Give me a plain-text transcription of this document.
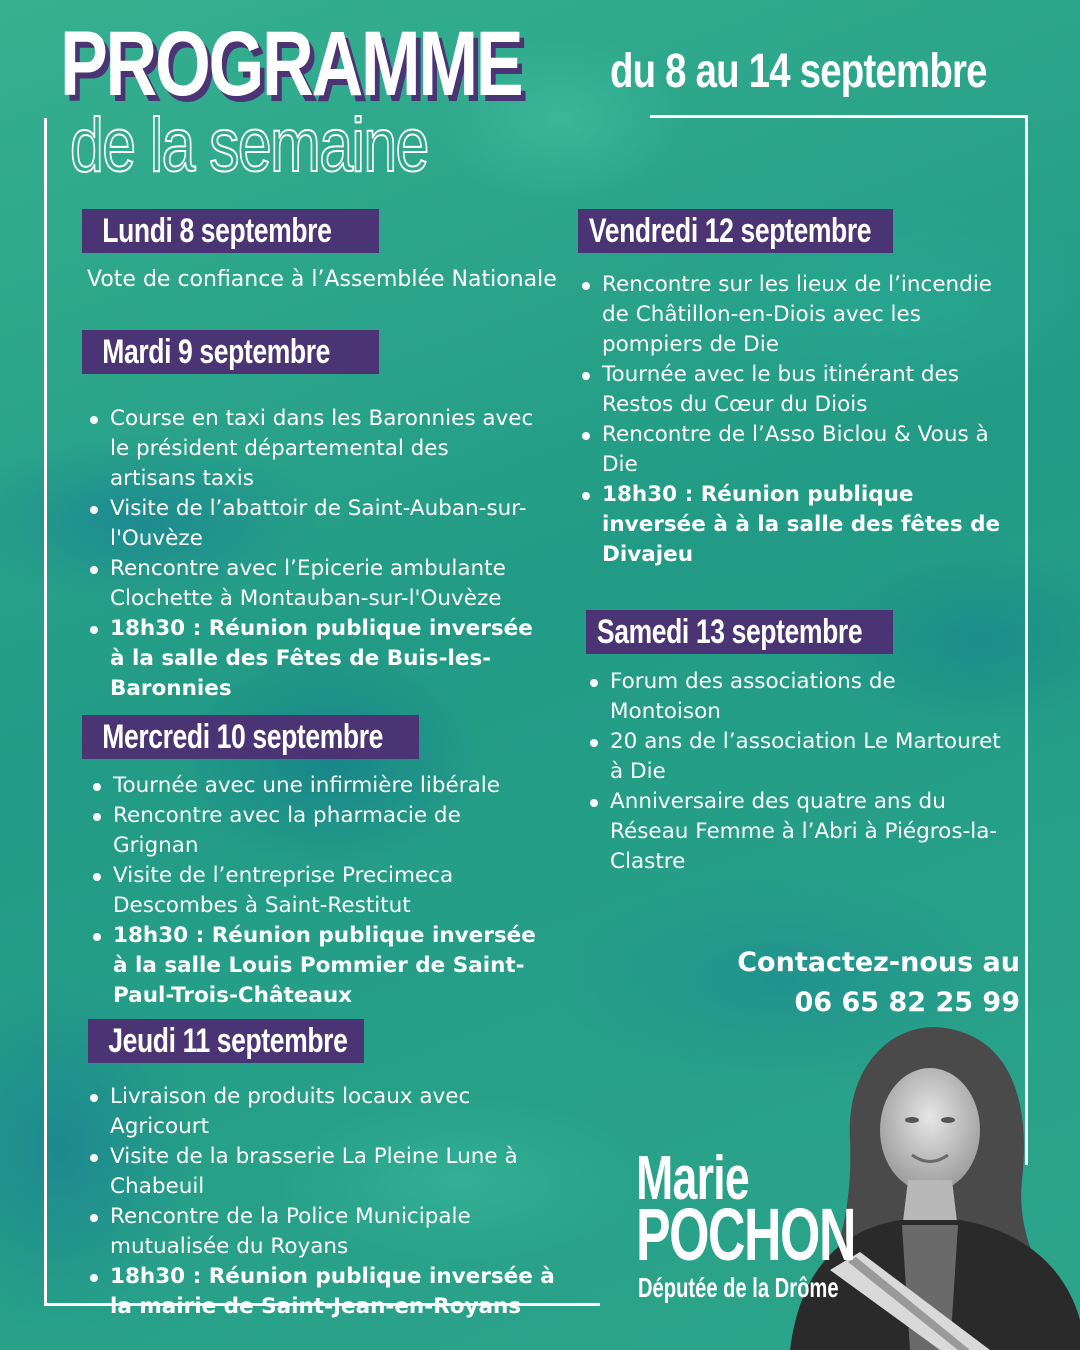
PROGRAMME
de la semaine
du 8 au 14 septembre
Lundi 8 septembre
Vote de confiance à l’Assemblée Nationale
Mardi 9 septembre
Course en taxi dans les Baronnies avec le président départemental des artisans taxis
Visite de l’abattoir de Saint-Auban-sur-l'Ouvèze
Rencontre avec l’Epicerie ambulante Clochette à Montauban-sur-l'Ouvèze
18h30 : Réunion publique inversée à la salle des Fêtes de Buis-les-Baronnies
Mercredi 10 septembre
Tournée avec une infirmière libérale
Rencontre avec la pharmacie de Grignan
Visite de l’entreprise Precimeca Descombes à Saint-Restitut
18h30 : Réunion publique inversée à la salle Louis Pommier de Saint-Paul-Trois-Châteaux
Jeudi 11 septembre
Livraison de produits locaux avec Agricourt
Visite de la brasserie La Pleine Lune à Chabeuil
Rencontre de la Police Municipale mutualisée du Royans
18h30 : Réunion publique inversée à la mairie de Saint-Jean-en-Royans
Vendredi 12 septembre
Rencontre sur les lieux de l’incendie de Châtillon-en-Diois avec les pompiers de Die
Tournée avec le bus itinérant des Restos du Cœur du Diois
Rencontre de l’Asso Biclou & Vous à Die
18h30 : Réunion publique inversée à à la salle des fêtes de Divajeu
Samedi 13 septembre
Forum des associations de Montoison
20 ans de l’association Le Martouret à Die
Anniversaire des quatre ans du Réseau Femme à l’Abri à Piégros-la-Clastre
Contactez-nous au
06 65 82 25 99
Marie
POCHON
Députée de la Drôme
